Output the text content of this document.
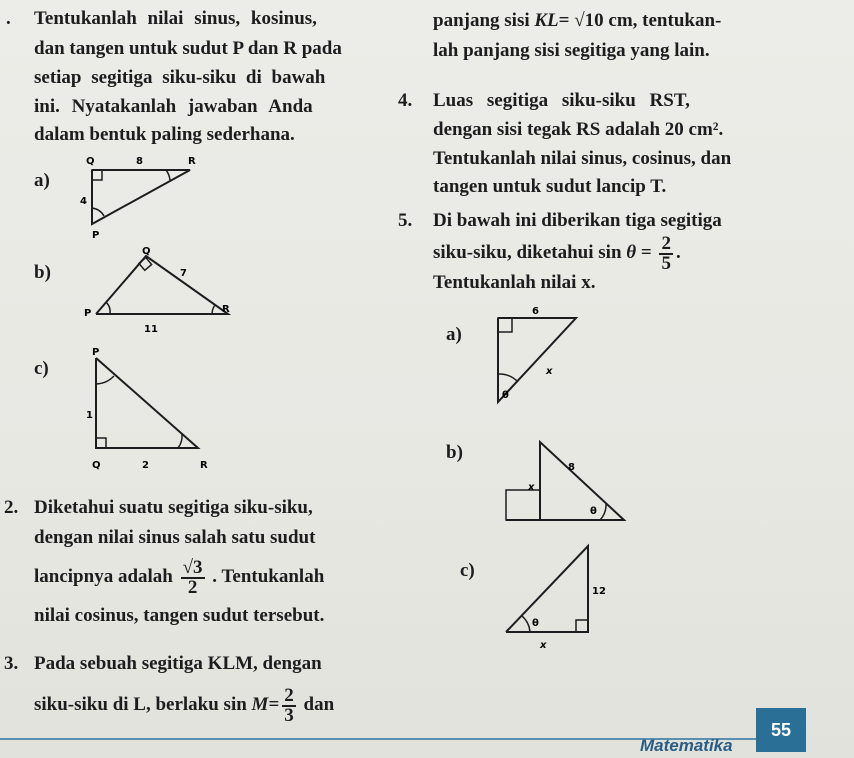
. Tentukanlah nilai sinus, kosinus,
dan tangen untuk sudut P dan R pada
setiap segitiga siku-siku di bawah
ini. Nyatakanlah jawaban Anda
dalam bentuk paling sederhana.
a)
Q	R
P
8
4
b)
Q
P	R
7
11
c)
P
Q	R
1
2
2. Diketahui suatu segitiga siku-siku,
dengan nilai sinus salah satu sudut
lancipnya adalah $\frac{√3}{2}$ . Tentukanlah
nilai cosinus, tangen sudut tersebut.
3. Pada sebuah segitiga KLM, dengan
siku-siku di L, berlaku $\sin M= \frac{2}{3}$ dan
panjang sisi KL= √10 cm, tentukan-
lah panjang sisi segitiga yang lain.
4. Luas segitiga siku-siku RST,
dengan sisi tegak RS adalah 20 cm².
Tentukanlah nilai sinus, cosinus, dan
tangen untuk sudut lancip T.
5. Di bawah ini diberikan tiga segitiga
siku-siku, diketahui $\sin \theta = \frac{2}{5}$ .
Tentukanlah nilai x.
a)
6
x
θ
b)
8
x
θ
c)
12
x
θ
Matematika
55
